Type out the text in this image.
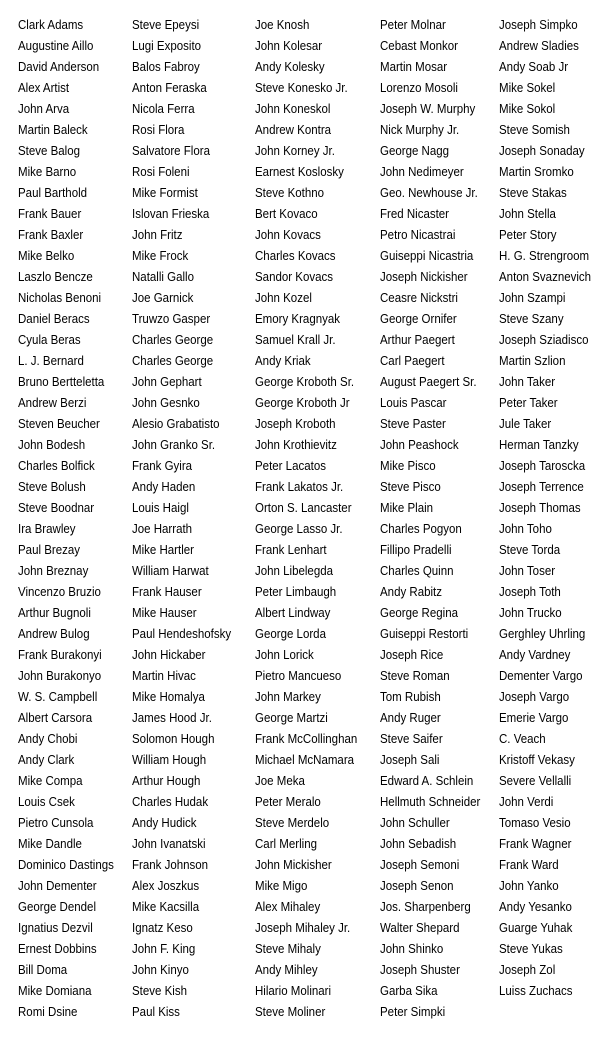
Clark Adams
Augustine Aillo
David Anderson
Alex Artist
John Arva
Martin Baleck
Steve Balog
Mike Barno
Paul Barthold
Frank Bauer
Frank Baxler
Mike Belko
Laszlo Bencze
Nicholas Benoni
Daniel Beracs
Cyula Beras
L. J. Bernard
Bruno Bertteletta
Andrew Berzi
Steven Beucher
John Bodesh
Charles Bolfick
Steve Bolush
Steve Boodnar
Ira Brawley
Paul Brezay
John Breznay
Vincenzo Bruzio
Arthur Bugnoli
Andrew Bulog
Frank Burakonyi
John Burakonyo
W. S. Campbell
Albert Carsora
Andy Chobi
Andy Clark
Mike Compa
Louis Csek
Pietro Cunsola
Mike Dandle
Dominico Dastings
John Dementer
George Dendel
Ignatius Dezvil
Ernest Dobbins
Bill Doma
Mike Domiana
Romi Dsine
Steve Epeysi
Lugi Exposito
Balos Fabroy
Anton Feraska
Nicola Ferra
Rosi Flora
Salvatore Flora
Rosi Foleni
Mike Formist
Islovan Frieska
John Fritz
Mike Frock
Natalli Gallo
Joe Garnick
Truwzo Gasper
Charles George
Charles George
John Gephart
John Gesnko
Alesio Grabatisto
John Granko Sr.
Frank Gyira
Andy Haden
Louis Haigl
Joe Harrath
Mike Hartler
William Harwat
Frank Hauser
Mike Hauser
Paul Hendeshofsky
John Hickaber
Martin Hivac
Mike Homalya
James Hood Jr.
Solomon Hough
William Hough
Arthur Hough
Charles Hudak
Andy Hudick
John Ivanatski
Frank Johnson
Alex Joszkus
Mike Kacsilla
Ignatz Keso
John F. King
John Kinyo
Steve Kish
Paul Kiss
Joe Knosh
John Kolesar
Andy Kolesky
Steve Konesko Jr.
John Koneskol
Andrew Kontra
John Korney Jr.
Earnest Koslosky
Steve Kothno
Bert Kovaco
John Kovacs
Charles Kovacs
Sandor Kovacs
John Kozel
Emory Kragnyak
Samuel Krall Jr.
Andy Kriak
George Kroboth Sr.
George Kroboth Jr
Joseph Kroboth
John Krothievitz
Peter Lacatos
Frank Lakatos Jr.
Orton S. Lancaster
George Lasso Jr.
Frank Lenhart
John Libelegda
Peter Limbaugh
Albert Lindway
George Lorda
John Lorick
Pietro Mancueso
John Markey
George Martzi
Frank McCollinghan
Michael McNamara
Joe Meka
Peter Meralo
Steve Merdelo
Carl Merling
John Mickisher
Mike Migo
Alex Mihaley
Joseph Mihaley Jr.
Steve Mihaly
Andy Mihley
Hilario Molinari
Steve Moliner
Peter Molnar
Cebast Monkor
Martin Mosar
Lorenzo Mosoli
Joseph W. Murphy
Nick Murphy Jr.
George Nagg
John Nedimeyer
Geo. Newhouse Jr.
Fred Nicaster
Petro Nicastrai
Guiseppi Nicastria
Joseph Nickisher
Ceasre Nickstri
George Ornifer
Arthur Paegert
Carl Paegert
August Paegert Sr.
Louis Pascar
Steve Paster
John Peashock
Mike Pisco
Steve Pisco
Mike Plain
Charles Pogyon
Fillipo Pradelli
Charles Quinn
Andy Rabitz
George Regina
Guiseppi Restorti
Joseph Rice
Steve Roman
Tom Rubish
Andy Ruger
Steve Saifer
Joseph Sali
Edward A. Schlein
Hellmuth Schneider
John Schuller
John Sebadish
Joseph Semoni
Joseph Senon
Jos. Sharpenberg
Walter Shepard
John Shinko
Joseph Shuster
Garba Sika
Peter Simpki
Joseph Simpko
Andrew Sladies
Andy Soab Jr
Mike Sokel
Mike Sokol
Steve Somish
Joseph Sonaday
Martin Sromko
Steve Stakas
John Stella
Peter Story
H. G. Strengroom
Anton Svaznevich
John Szampi
Steve Szany
Joseph Sziadisco
Martin Szlion
John Taker
Peter Taker
Jule Taker
Herman Tanzky
Joseph Taroscka
Joseph Terrence
Joseph Thomas
John Toho
Steve Torda
John Toser
Joseph Toth
John Trucko
Gerghley Uhrling
Andy Vardney
Dementer Vargo
Joseph Vargo
Emerie Vargo
C. Veach
Kristoff Vekasy
Severe Vellalli
John Verdi
Tomaso Vesio
Frank Wagner
Frank Ward
John Yanko
Andy Yesanko
Guarge Yuhak
Steve Yukas
Joseph Zol
Luiss Zuchacs
